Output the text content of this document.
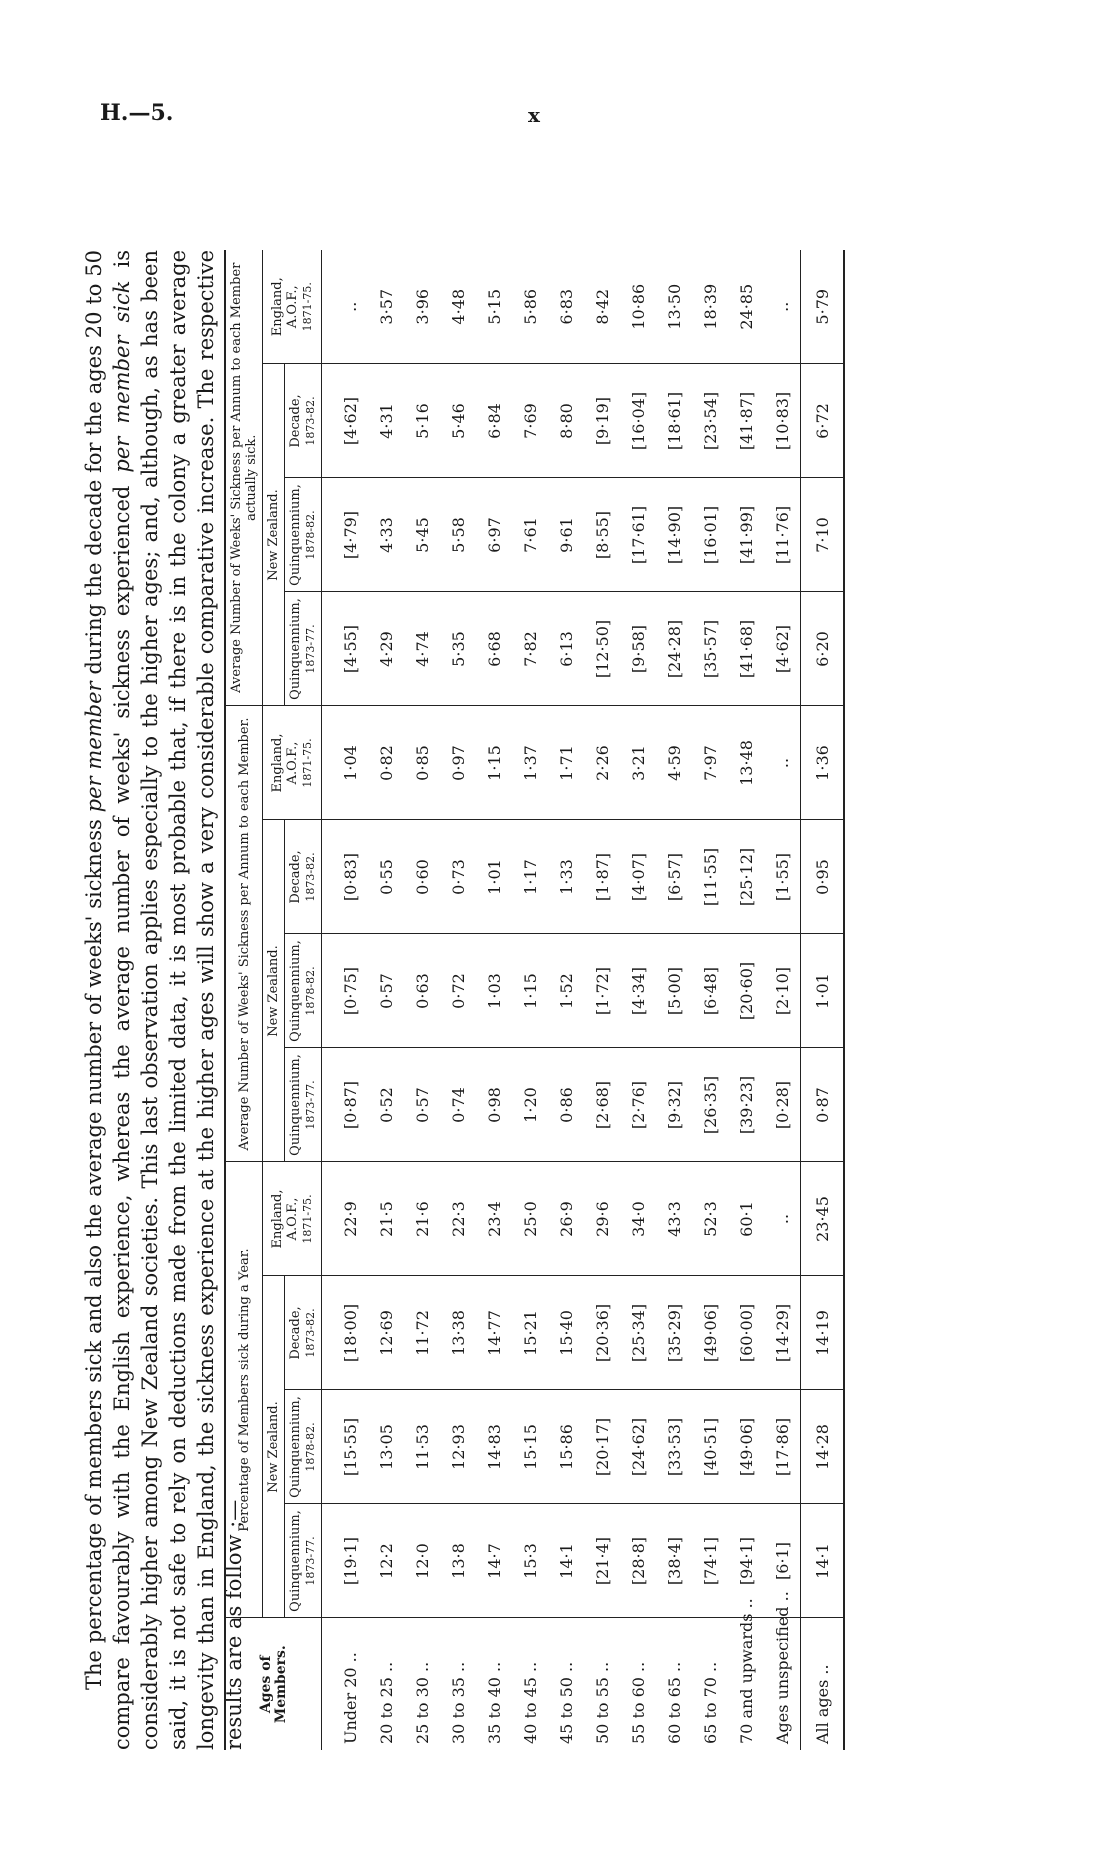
H.—5.	x

The percentage of members sick and also the average number of weeks' sickness per member during the decade for the ages 20 to 50 compare favourably with the English experience, whereas the average number of weeks' sickness experienced per member sick is considerably higher among New Zealand societies. This last observation applies especially to the higher ages; and, although, as has been said, it is not safe to rely on deductions made from the limited data, it is most probable that, if there is in the colony a greater average longevity than in England, the sickness experience at the higher ages will show a very considerable comparative increase. The respective results are as follow :— Ages of Members.	Percentage of Members sick during a Year.				Average Number of Weeks' Sickness per Annum to each Member.				Average Number of Weeks' Sickness per Annum to each Member actually sick.			
	New Zealand.			England, A.O.F., 1871-75.	New Zealand.			England, A.O.F., 1871-75.	New Zealand.			England, A.O.F., 1871-75.

	Quinquennium, 1873-77.	Quinquennium, 1878-82.	Decade, 1873-82.		Quinquennium, 1873-77.	Quinquennium, 1878-82.	Decade, 1873-82.		Quinquennium, 1873-77.	Quinquennium, 1878-82.	Decade, 1873-82.	

Under 20 ..	[19·1]	[15·55]	[18·00]	22·9	[0·87]	[0·75]	[0·83]	1·04	[4·55]	[4·79]	[4·62]	..
20 to 25 ..	12·2	13·05	12·69	21·5	0·52	0·57	0·55	0·82	4·29	4·33	4·31	3·57
25 to 30 ..	12·0	11·53	11·72	21·6	0·57	0·63	0·60	0·85	4·74	5·45	5·16	3·96
30 to 35 ..	13·8	12·93	13·38	22·3	0·74	0·72	0·73	0·97	5·35	5·58	5·46	4·48
35 to 40 ..	14·7	14·83	14·77	23·4	0·98	1·03	1·01	1·15	6·68	6·97	6·84	5·15
40 to 45 ..	15·3	15·15	15·21	25·0	1·20	1·15	1·17	1·37	7·82	7·61	7·69	5·86
45 to 50 ..	14·1	15·86	15·40	26·9	0·86	1·52	1·33	1·71	6·13	9·61	8·80	6·83
50 to 55 ..	[21·4]	[20·17]	[20·36]	29·6	[2·68]	[1·72]	[1·87]	2·26	[12·50]	[8·55]	[9·19]	8·42
55 to 60 ..	[28·8]	[24·62]	[25·34]	34·0	[2·76]	[4·34]	[4·07]	3·21	[9·58]	[17·61]	[16·04]	10·86
60 to 65 ..	[38·4]	[33·53]	[35·29]	43·3	[9·32]	[5·00]	[6·57]	4·59	[24·28]	[14·90]	[18·61]	13·50
65 to 70 ..	[74·1]	[40·51]	[49·06]	52·3	[26·35]	[6·48]	[11·55]	7·97	[35·57]	[16·01]	[23·54]	18·39
70 and upwards ..	[94·1]	[49·06]	[60·00]	60·1	[39·23]	[20·60]	[25·12]	13·48	[41·68]	[41·99]	[41·87]	24·85
Ages unspecified ..	[6·1]	[17·86]	[14·29]	..	[0·28]	[2·10]	[1·55]	..	[4·62]	[11·76]	[10·83]	..
All ages ..	14·1	14·28	14·19	23·45	0·87	1·01	0·95	1·36	6·20	7·10	6·72	5·79
